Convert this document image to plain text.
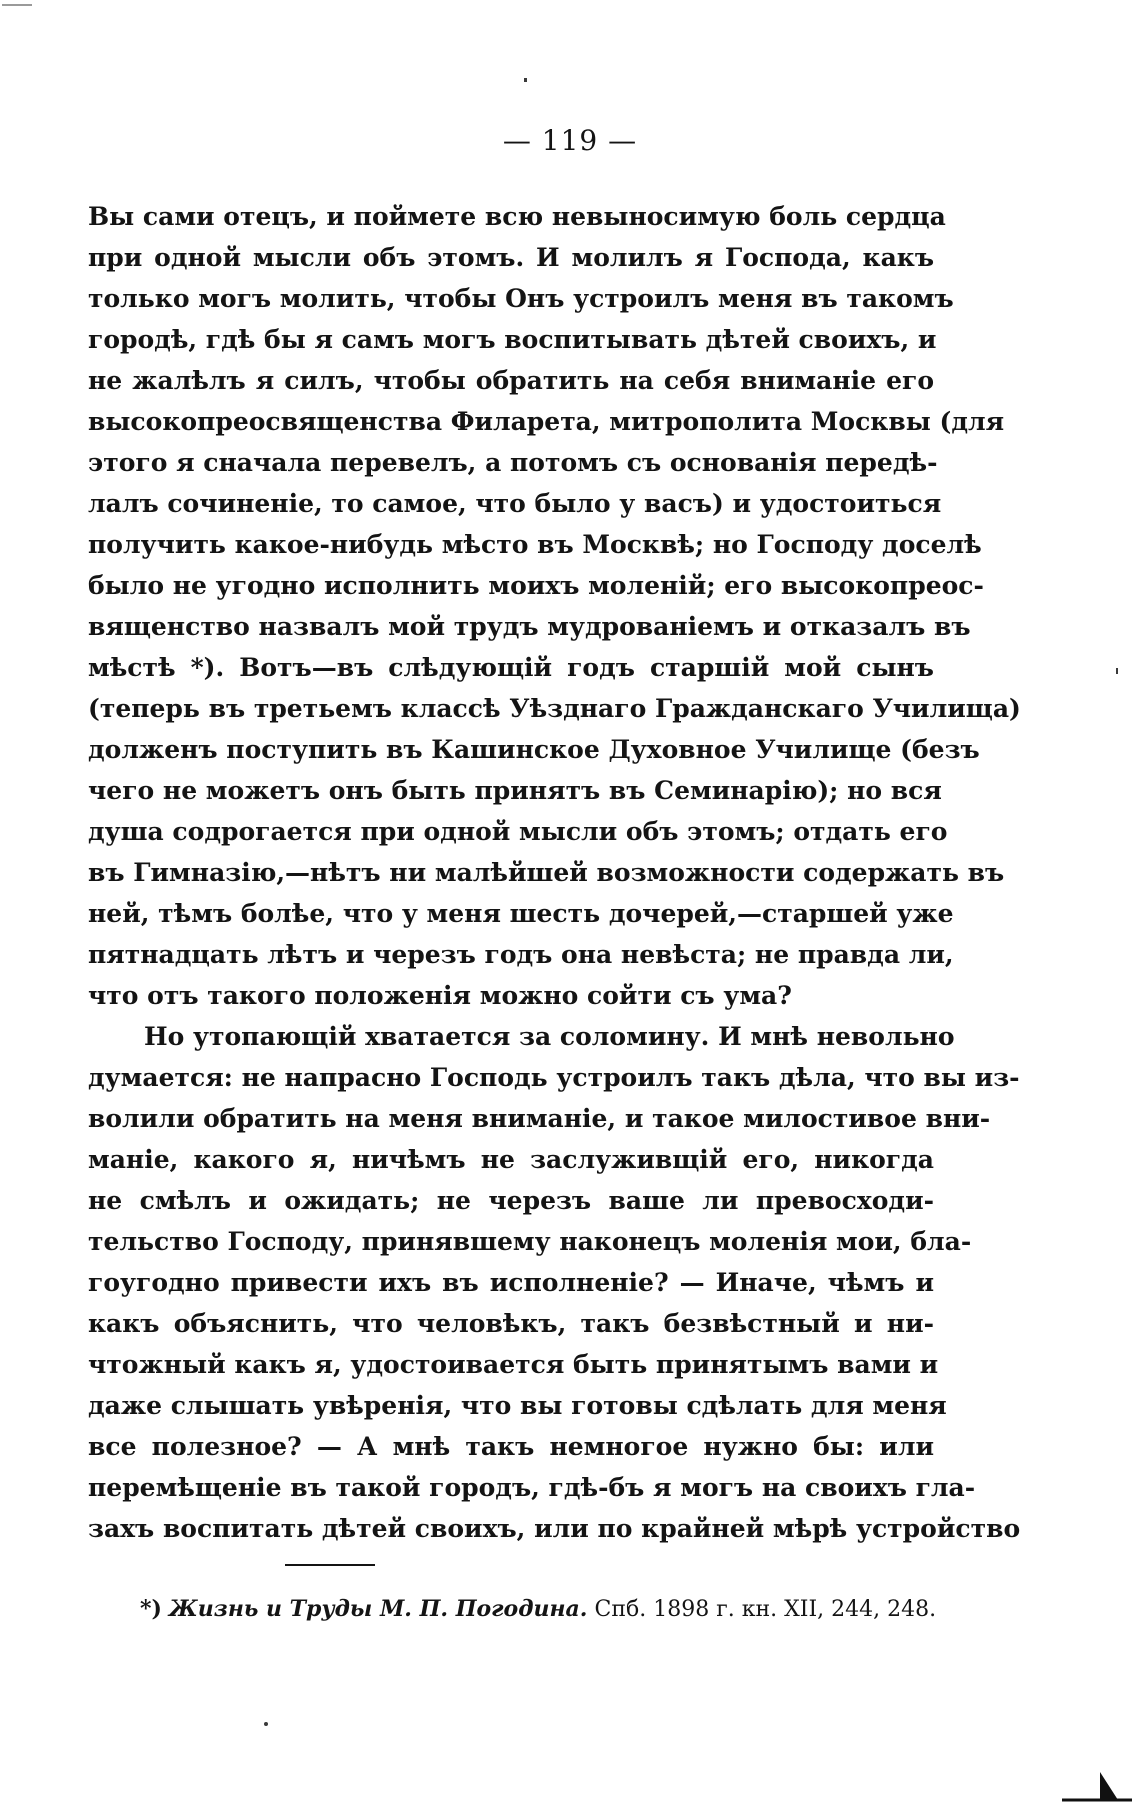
— 119 —
Вы сами отецъ, и поймете всю невыносимую боль сердца
при одной мысли объ этомъ. И молилъ я Господа, какъ
только могъ молить, чтобы Онъ устроилъ меня въ такомъ
городѣ, гдѣ бы я самъ могъ воспитывать дѣтей своихъ, и
не жалѣлъ я силъ, чтобы обратить на себя вниманіе его
высокопреосвященства Филарета, митрополита Москвы (для
этого я сначала перевелъ, а потомъ съ основанія передѣ-
лалъ сочиненіе, то самое, что было у васъ) и удостоиться
получить какое-нибудь мѣсто въ Москвѣ; но Господу доселѣ
было не угодно исполнить моихъ моленій; его высокопреос-
вященство назвалъ мой трудъ мудрованіемъ и отказалъ въ
мѣстѣ *). Вотъ—въ слѣдующій годъ старшій мой сынъ
(теперь въ третьемъ классѣ Уѣзднаго Гражданскаго Училища)
долженъ поступить въ Кашинское Духовное Училище (безъ
чего не можетъ онъ быть принятъ въ Семинарію); но вся
душа содрогается при одной мысли объ этомъ; отдать его
въ Гимназію,—нѣтъ ни малѣйшей возможности содержать въ
ней, тѣмъ болѣе, что у меня шесть дочерей,—старшей уже
пятнадцать лѣтъ и черезъ годъ она невѣста; не правда ли,
что отъ такого положенія можно сойти съ ума?
Но утопающій хватается за соломину. И мнѣ невольно
думается: не напрасно Господь устроилъ такъ дѣла, что вы из-
волили обратить на меня вниманіе, и такое милостивое вни-
маніе, какого я, ничѣмъ не заслуживщій его, никогда
не смѣлъ и ожидать; не черезъ ваше ли превосходи-
тельство Господу, принявшему наконецъ моленія мои, бла-
гоугодно привести ихъ въ исполненіе? — Иначе, чѣмъ и
какъ объяснить, что человѣкъ, такъ безвѣстный и ни-
чтожный какъ я, удостоивается быть принятымъ вами и
даже слышать увѣренія, что вы готовы сдѣлать для меня
все полезное? — А мнѣ такъ немногое нужно бы: или
перемѣщеніе въ такой городъ, гдѣ-бъ я могъ на своихъ гла-
захъ воспитать дѣтей своихъ, или по крайней мѣрѣ устройство
*) Жизнь и Труды М. П. Погодина. Спб. 1898 г. кн. XII, 244, 248.
